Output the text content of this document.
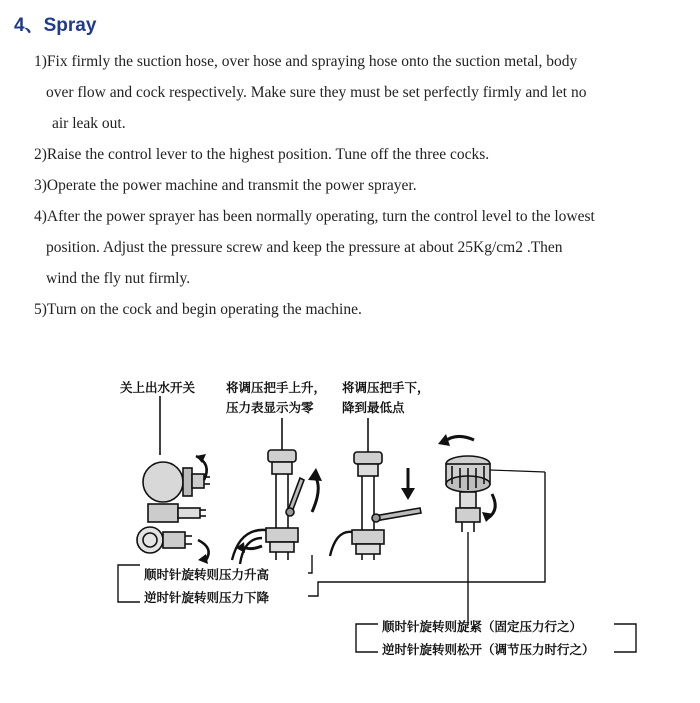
4、Spray

1)Fix firmly the suction hose, over hose and spraying hose onto the suction metal, body

over flow and cock respectively. Make sure they must be set perfectly firmly and let no
air leak out.

2)Raise the control lever to the highest position. Tune off the three cocks.

3)Operate the power machine and transmit the power sprayer.

4)After the power sprayer has been normally operating, turn the control level to the lowest

position. Adjust the pressure screw and keep the pressure at about 25Kg/cm2 .Then
wind the fly nut firmly.

5)Turn on the cock and begin operating the machine.

关上出水开关 将调压把手上升，
压力表显示为零
将调压把手下，
降到最低点
顺时针旋转则压力升高
逆时针旋转则压力下降
顺时针旋转则旋紧（固定压力行之）
逆时针旋转则松开（调节压力时行之）
